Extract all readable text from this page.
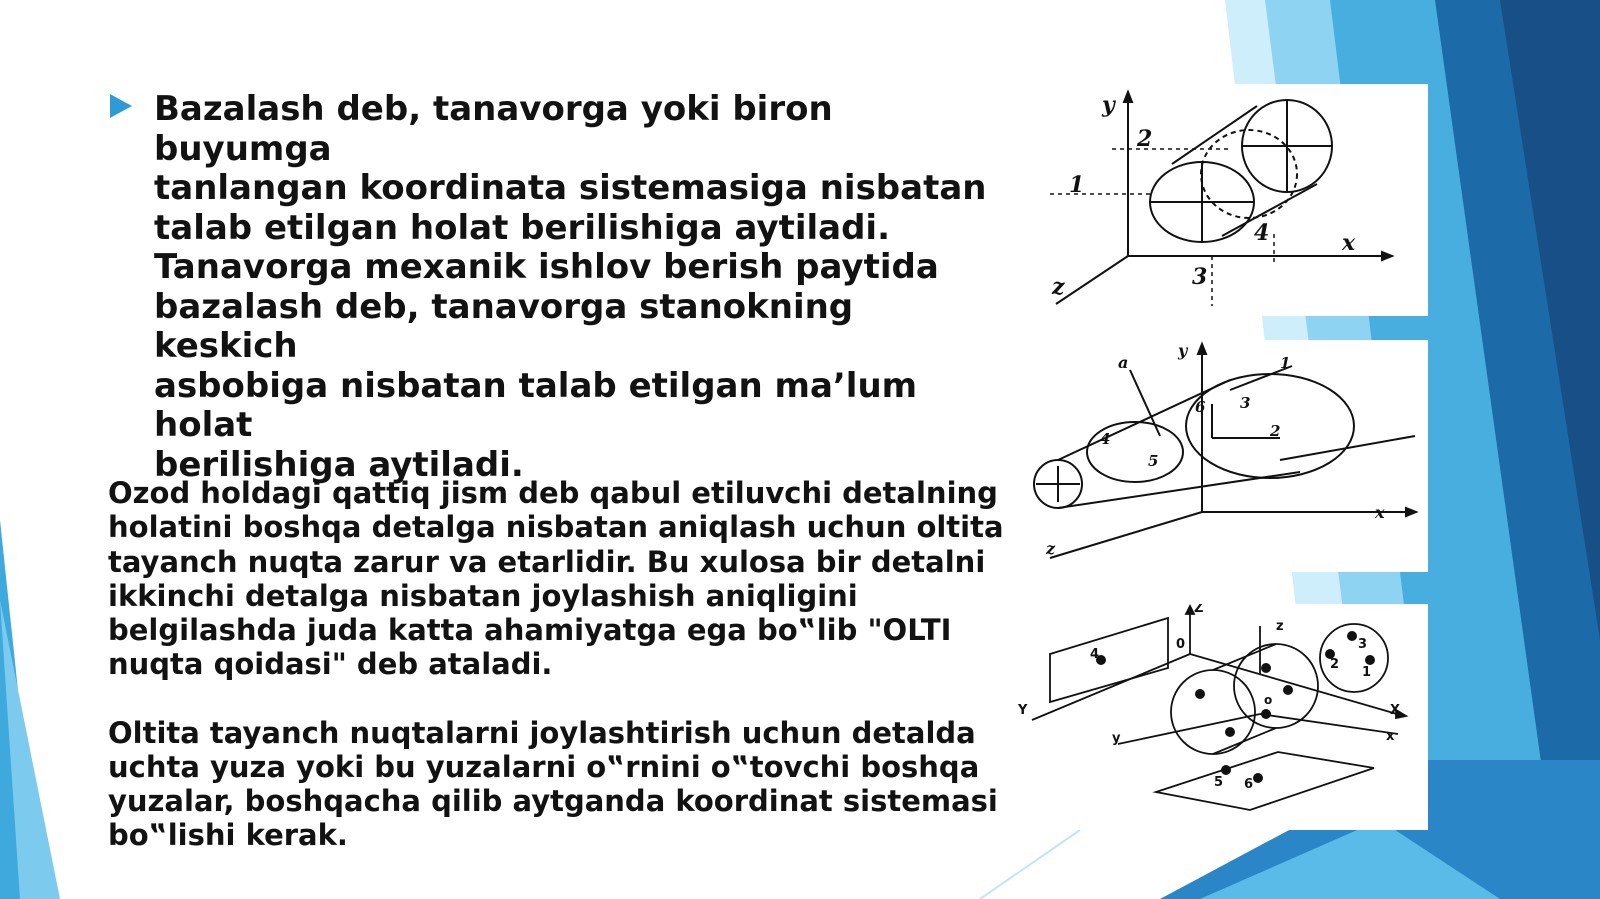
Bazalash deb, tanavorga yoki biron buyumga
tanlangan koordinata sistemasiga nisbatan
talab etilgan holat berilishiga aytiladi.
Tanavorga mexanik ishlov berish paytida
bazalash deb, tanavorga stanokning keskich
asbobiga nisbatan talab etilgan ma’lum holat
berilishiga aytiladi.

Ozod holdagi qattiq jism deb qabul etiluvchi detalning
holatini boshqa detalga nisbatan aniqlash uchun oltita
tayanch nuqta zarur va etarlidir. Bu xulosa bir detalni
ikkinchi detalga nisbatan joylashish aniqligini
belgilashda juda katta ahamiyatga ega bo‟lib "OLTI
nuqta qoidasi" deb ataladi.

Oltita tayanch nuqtalarni joylashtirish uchun detalda
uchta yuza yoki bu yuzalarni o‟rnini o‟tovchi boshqa
yuzalar, boshqacha qilib aytganda koordinat sistemasi
bo‟lishi kerak.

y
x
z
1
2
3
4
y
x
z
a	1
2
3
4
5
6
Z
Y	X
z
y	x
0
o
1
2
3
4
5 6
